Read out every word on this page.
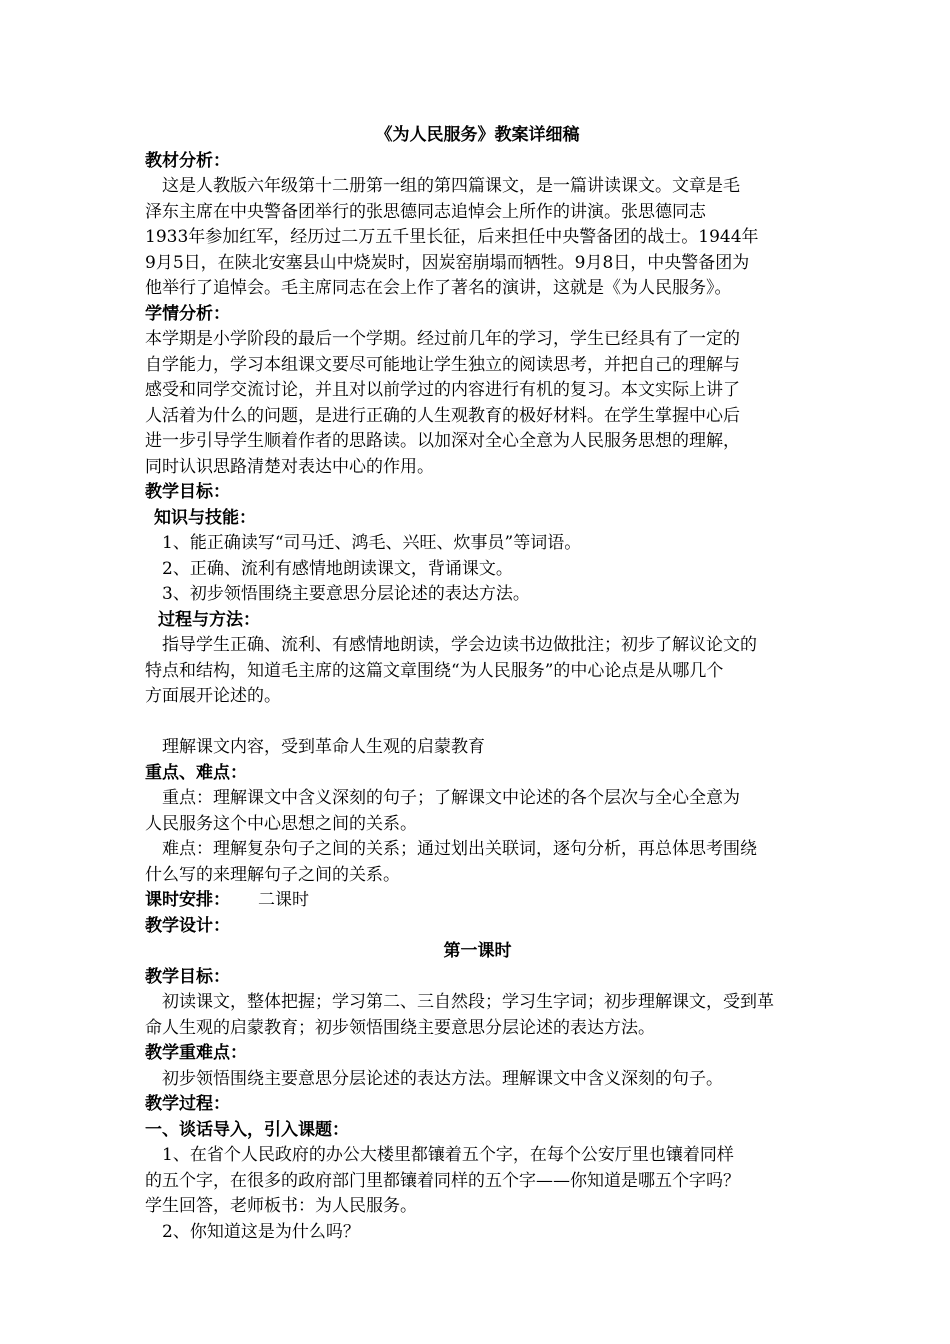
《为人民服务》教案详细稿
教材分析：
这是人教版六年级第十二册第一组的第四篇课文，是一篇讲读课文。文章是毛
泽东主席在中央警备团举行的张思德同志追悼会上所作的讲演。张思德同志
1933年参加红军，经历过二万五千里长征，后来担任中央警备团的战士。1944年
9月5日，在陕北安塞县山中烧炭时，因炭窑崩塌而牺牲。9月8日，中央警备团为
他举行了追悼会。毛主席同志在会上作了著名的演讲，这就是《为人民服务》。
学情分析：
本学期是小学阶段的最后一个学期。经过前几年的学习，学生已经具有了一定的
自学能力，学习本组课文要尽可能地让学生独立的阅读思考，并把自己的理解与
感受和同学交流讨论，并且对以前学过的内容进行有机的复习。本文实际上讲了
人活着为什么的问题，是进行正确的人生观教育的极好材料。在学生掌握中心后
进一步引导学生顺着作者的思路读。以加深对全心全意为人民服务思想的理解，
同时认识思路清楚对表达中心的作用。
教学目标：
知识与技能：
1、能正确读写“司马迁、鸿毛、兴旺、炊事员”等词语。
2、正确、流利有感情地朗读课文，背诵课文。
3、初步领悟围绕主要意思分层论述的表达方法。
过程与方法：
指导学生正确、流利、有感情地朗读，学会边读书边做批注；初步了解议论文的
特点和结构，知道毛主席的这篇文章围绕“为人民服务”的中心论点是从哪几个
方面展开论述的。
理解课文内容，受到革命人生观的启蒙教育
重点、难点：
重点：理解课文中含义深刻的句子；了解课文中论述的各个层次与全心全意为
人民服务这个中心思想之间的关系。
难点：理解复杂句子之间的关系；通过划出关联词，逐句分析，再总体思考围绕
什么写的来理解句子之间的关系。
课时安排： 二课时
教学设计：
第一课时
教学目标：
初读课文，整体把握；学习第二、三自然段；学习生字词；初步理解课文，受到革
命人生观的启蒙教育；初步领悟围绕主要意思分层论述的表达方法。
教学重难点：
初步领悟围绕主要意思分层论述的表达方法。理解课文中含义深刻的句子。
教学过程：
一、谈话导入，引入课题：
1、在省个人民政府的办公大楼里都镶着五个字，在每个公安厅里也镶着同样
的五个字，在很多的政府部门里都镶着同样的五个字——你知道是哪五个字吗？
学生回答，老师板书：为人民服务。
2、你知道这是为什么吗？
